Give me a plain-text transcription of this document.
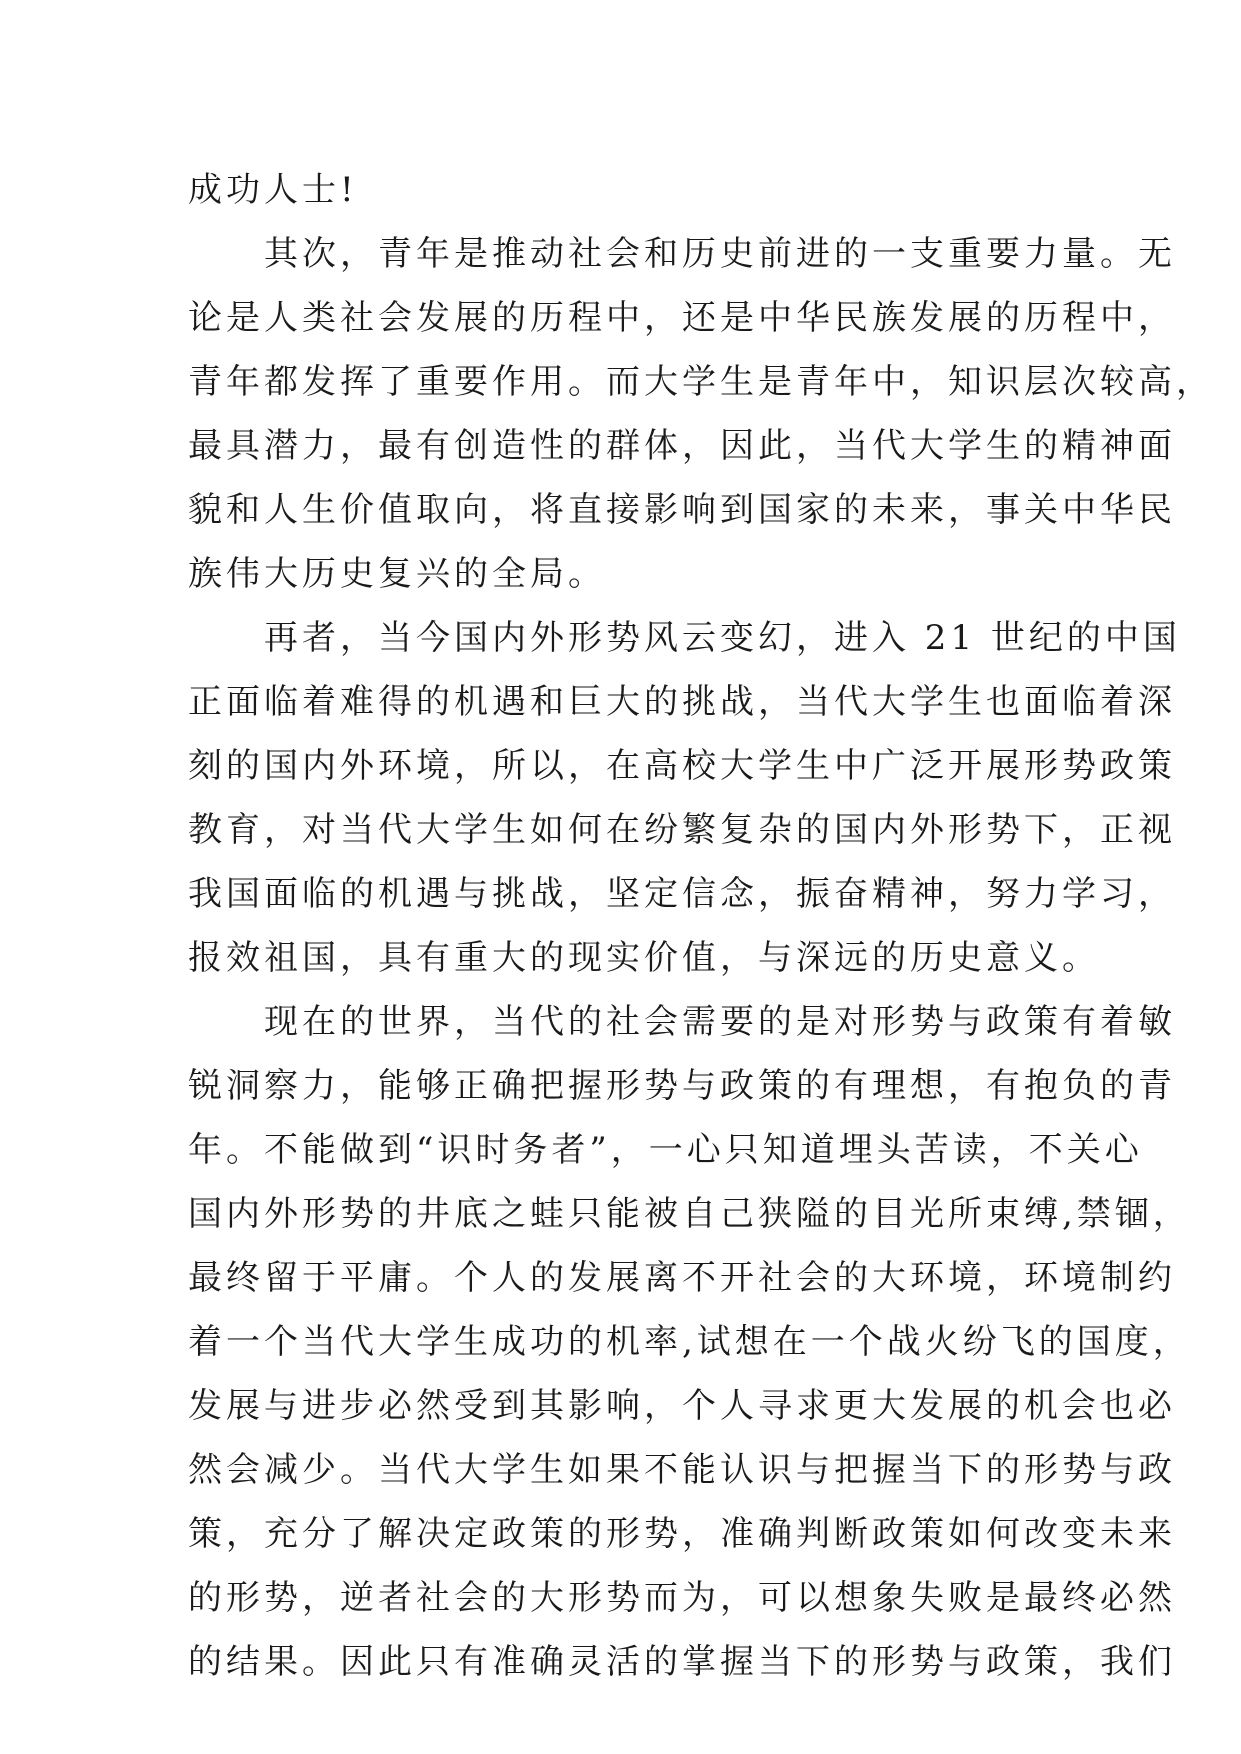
成功人士!
其次，青年是推动社会和历史前进的一支重要力量。无
论是人类社会发展的历程中，还是中华民族发展的历程中，
青年都发挥了重要作用。而大学生是青年中，知识层次较高，
最具潜力，最有创造性的群体，因此，当代大学生的精神面
貌和人生价值取向，将直接影响到国家的未来，事关中华民
族伟大历史复兴的全局。
再者，当今国内外形势风云变幻，进入 21 世纪的中国
正面临着难得的机遇和巨大的挑战，当代大学生也面临着深
刻的国内外环境，所以，在高校大学生中广泛开展形势政策
教育，对当代大学生如何在纷繁复杂的国内外形势下，正视
我国面临的机遇与挑战，坚定信念，振奋精神，努力学习，
报效祖国，具有重大的现实价值，与深远的历史意义。
现在的世界，当代的社会需要的是对形势与政策有着敏
锐洞察力，能够正确把握形势与政策的有理想，有抱负的青
年。不能做到“识时务者”，一心只知道埋头苦读，不关心
国内外形势的井底之蛙只能被自己狭隘的目光所束缚,禁锢，
最终留于平庸。个人的发展离不开社会的大环境，环境制约
着一个当代大学生成功的机率,试想在一个战火纷飞的国度，
发展与进步必然受到其影响，个人寻求更大发展的机会也必
然会减少。当代大学生如果不能认识与把握当下的形势与政
策，充分了解决定政策的形势，准确判断政策如何改变未来
的形势，逆者社会的大形势而为，可以想象失败是最终必然
的结果。因此只有准确灵活的掌握当下的形势与政策，我们
